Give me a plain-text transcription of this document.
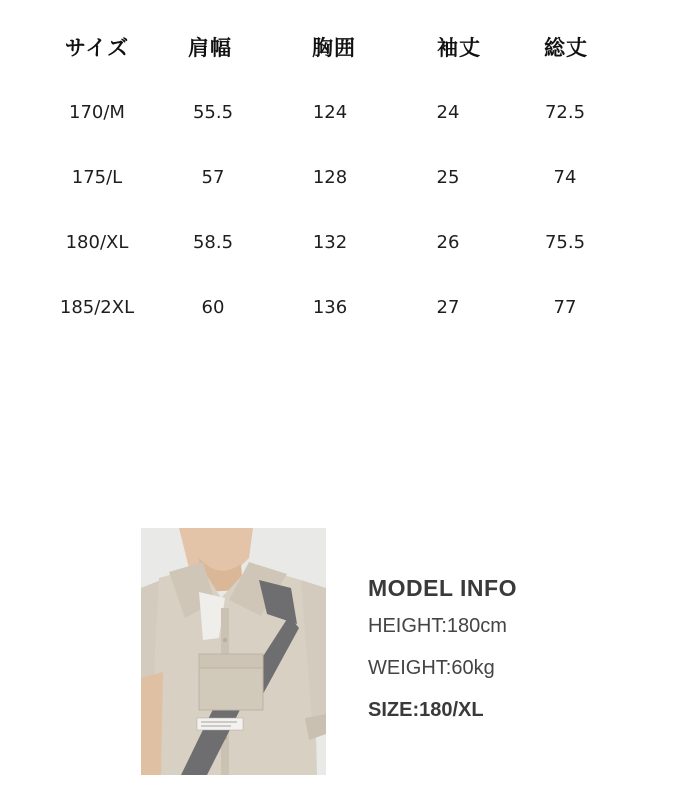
サイズ	肩幅	胸囲	袖丈	総丈
170/M	55.5	124	24	72.5
175/L	57	128	25	74
180/XL	58.5	132	26	75.5
185/2XL	60	136	27	77
MODEL INFO
HEIGHT:180cm
WEIGHT:60kg
SIZE:180/XL
